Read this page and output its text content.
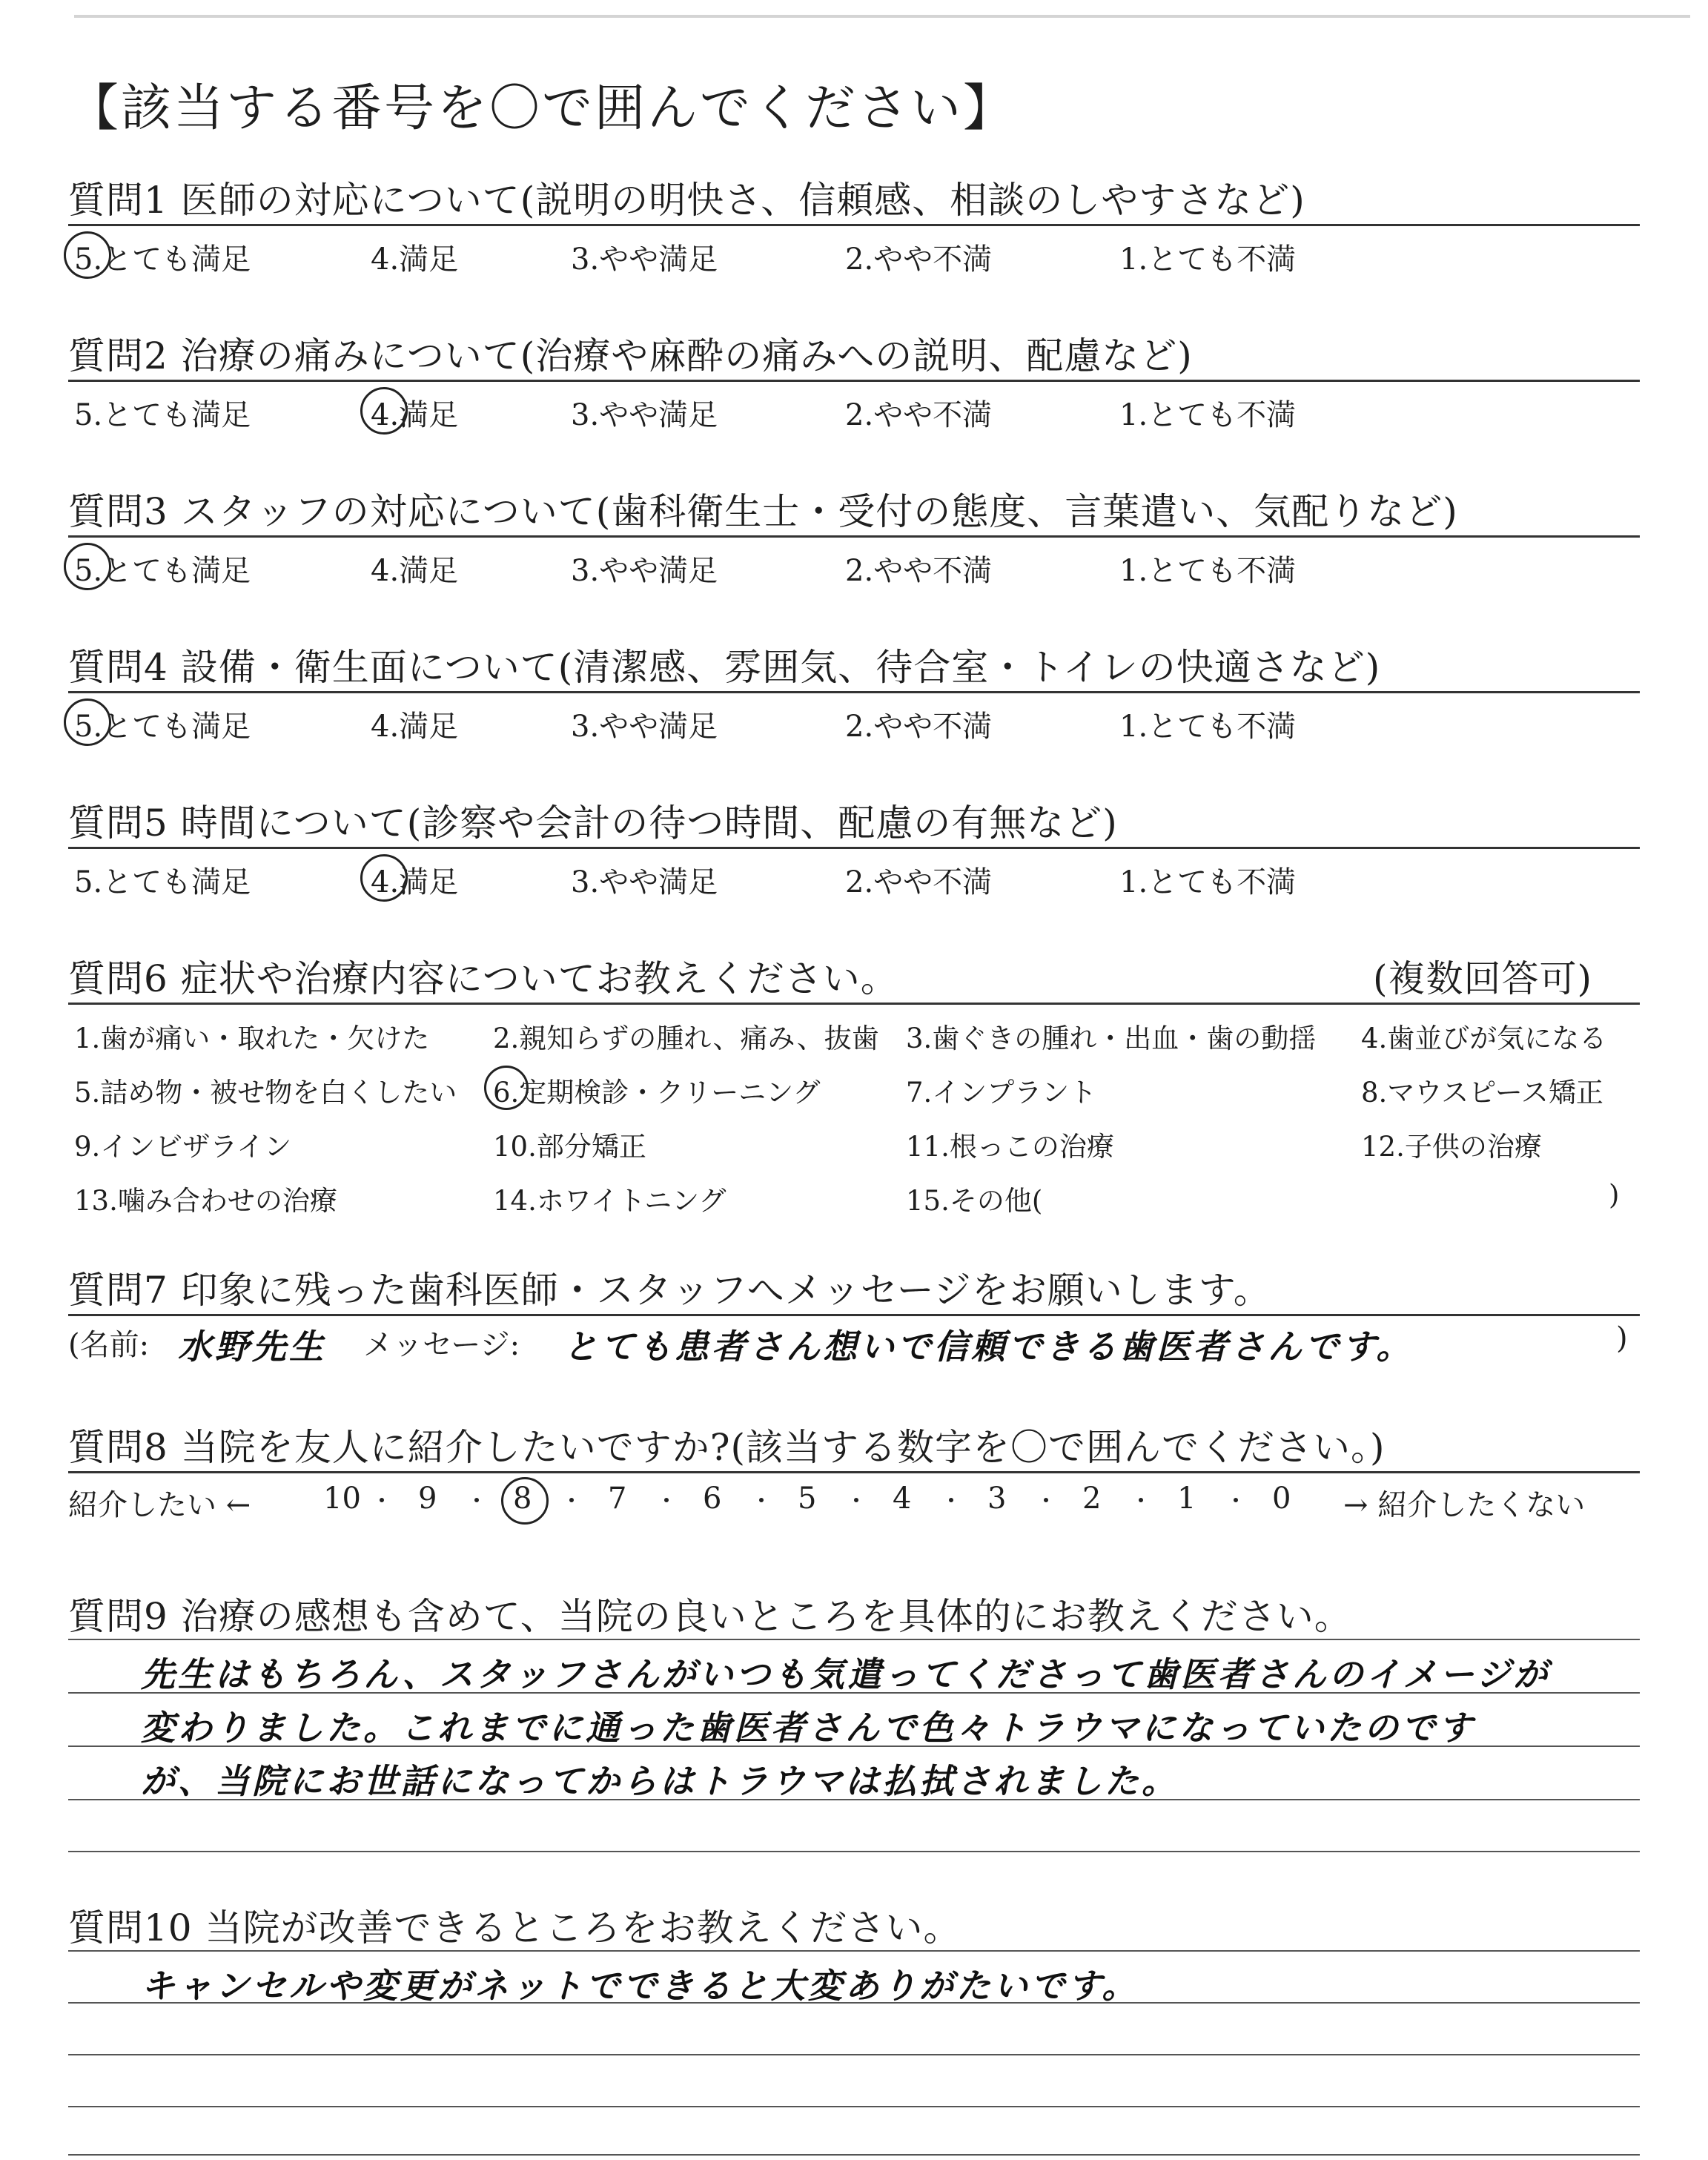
【該当する番号を〇で囲んでください】
質問1 医師の対応について(説明の明快さ、信頼感、相談のしやすさなど)
5.とても満足	4.満足	3.やや満足	2.やや不満	1.とても不満
質問2 治療の痛みについて(治療や麻酔の痛みへの説明、配慮など)
5.とても満足	4.満足	3.やや満足	2.やや不満	1.とても不満
質問3 スタッフの対応について(歯科衛生士・受付の態度、言葉遣い、気配りなど)
5.とても満足	4.満足	3.やや満足	2.やや不満	1.とても不満
質問4 設備・衛生面について(清潔感、雰囲気、待合室・トイレの快適さなど)
5.とても満足	4.満足	3.やや満足	2.やや不満	1.とても不満
質問5 時間について(診察や会計の待つ時間、配慮の有無など)
5.とても満足	4.満足	3.やや満足	2.やや不満	1.とても不満
質問6 症状や治療内容についてお教えください。	(複数回答可)
1.歯が痛い・取れた・欠けた 2.親知らずの腫れ、痛み、抜歯 3.歯ぐきの腫れ・出血・歯の動揺 4.歯並びが気になる
5.詰め物・被せ物を白くしたい 6.定期検診・クリーニング	7.インプラント	8.マウスピース矯正
9.インビザライン	10.部分矯正	11.根っこの治療	12.子供の治療
13.噛み合わせの治療	14.ホワイトニング	15.その他(	)
質問7 印象に残った歯科医師・スタッフへメッセージをお願いします。
(名前: 水野先生 メッセージ: とても患者さん想いで信頼できる歯医者さんです。	)
質問8 当院を友人に紹介したいですか?(該当する数字を〇で囲んでください。)
紹介したい ←	→ 紹介したくない
10 9	8	7	6	5	4	3	2	1	0
質問9 治療の感想も含めて、当院の良いところを具体的にお教えください。
先生はもちろん、スタッフさんがいつも気遣ってくださって歯医者さんのイメージが
変わりました。これまでに通った歯医者さんで色々トラウマになっていたのです
が、当院にお世話になってからはトラウマは払拭されました。
質問10 当院が改善できるところをお教えください。
キャンセルや変更がネットでできると大変ありがたいです。
